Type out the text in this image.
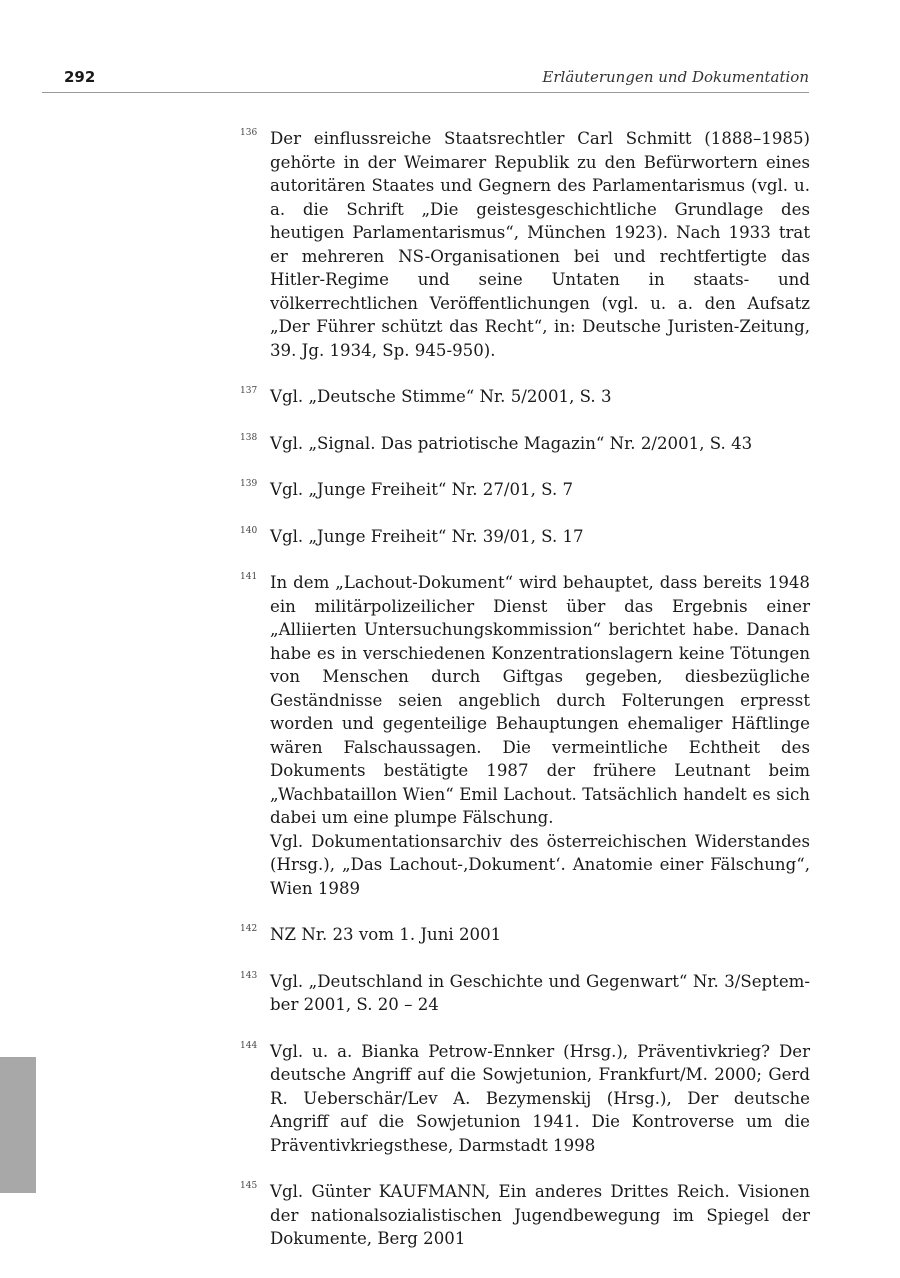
292	Erläuterungen und Dokumentation
136 Der einflussreiche Staatsrechtler Carl Schmitt (1888–1985) gehörte in der Weimarer Republik zu den Befürwortern eines autoritären Staates und Gegnern des Parlamentarismus (vgl. u. a. die Schrift „Die geistesgeschichtliche Grundlage des heutigen Parlamentarismus“, München 1923). Nach 1933 trat er mehreren NS-Organisationen bei und rechtfertigte das Hitler-Regime und seine Untaten in staats- und völkerrechtlichen Veröffentlichungen (vgl. u. a. den Aufsatz „Der Führer schützt das Recht“, in: Deutsche Juristen-Zeitung, 39. Jg. 1934, Sp. 945-950).
137 Vgl. „Deutsche Stimme“ Nr. 5/2001, S. 3
138 Vgl. „Signal. Das patriotische Magazin“ Nr. 2/2001, S. 43
139 Vgl. „Junge Freiheit“ Nr. 27/01, S. 7
140 Vgl. „Junge Freiheit“ Nr. 39/01, S. 17
141 In dem „Lachout-Dokument“ wird behauptet, dass bereits 1948 ein militärpolizeilicher Dienst über das Ergebnis einer „Alliierten Untersuchungskommission“ berichtet habe. Danach habe es in verschiedenen Konzentrationslagern keine Tötungen von Menschen durch Giftgas gegeben, diesbezügliche Geständnisse seien angeblich durch Folterungen erpresst worden und gegenteilige Behauptungen ehemaliger Häftlinge wären Falschaussagen. Die vermeintliche Echtheit des Dokuments bestätigte 1987 der frühere Leutnant beim „Wachbataillon Wien“ Emil Lachout. Tatsächlich handelt es sich dabei um eine plumpe Fälschung.
Vgl. Dokumentationsarchiv des österreichischen Widerstandes (Hrsg.), „Das Lachout-‚Dokument‘. Anatomie einer Fälschung“, Wien 1989
142 NZ Nr. 23 vom 1. Juni 2001
143 Vgl. „Deutschland in Geschichte und Gegenwart“ Nr. 3/September 2001, S. 20 – 24
144 Vgl. u. a. Bianka Petrow-Ennker (Hrsg.), Präventivkrieg? Der deutsche Angriff auf die Sowjetunion, Frankfurt/M. 2000; Gerd R. Ueberschär/Lev A. Bezymenskij (Hrsg.), Der deutsche Angriff auf die Sowjetunion 1941. Die Kontroverse um die Präventivkriegsthese, Darmstadt 1998
145 Vgl. Günter KAUFMANN, Ein anderes Drittes Reich. Visionen der nationalsozialistischen Jugendbewegung im Spiegel der Dokumente, Berg 2001
